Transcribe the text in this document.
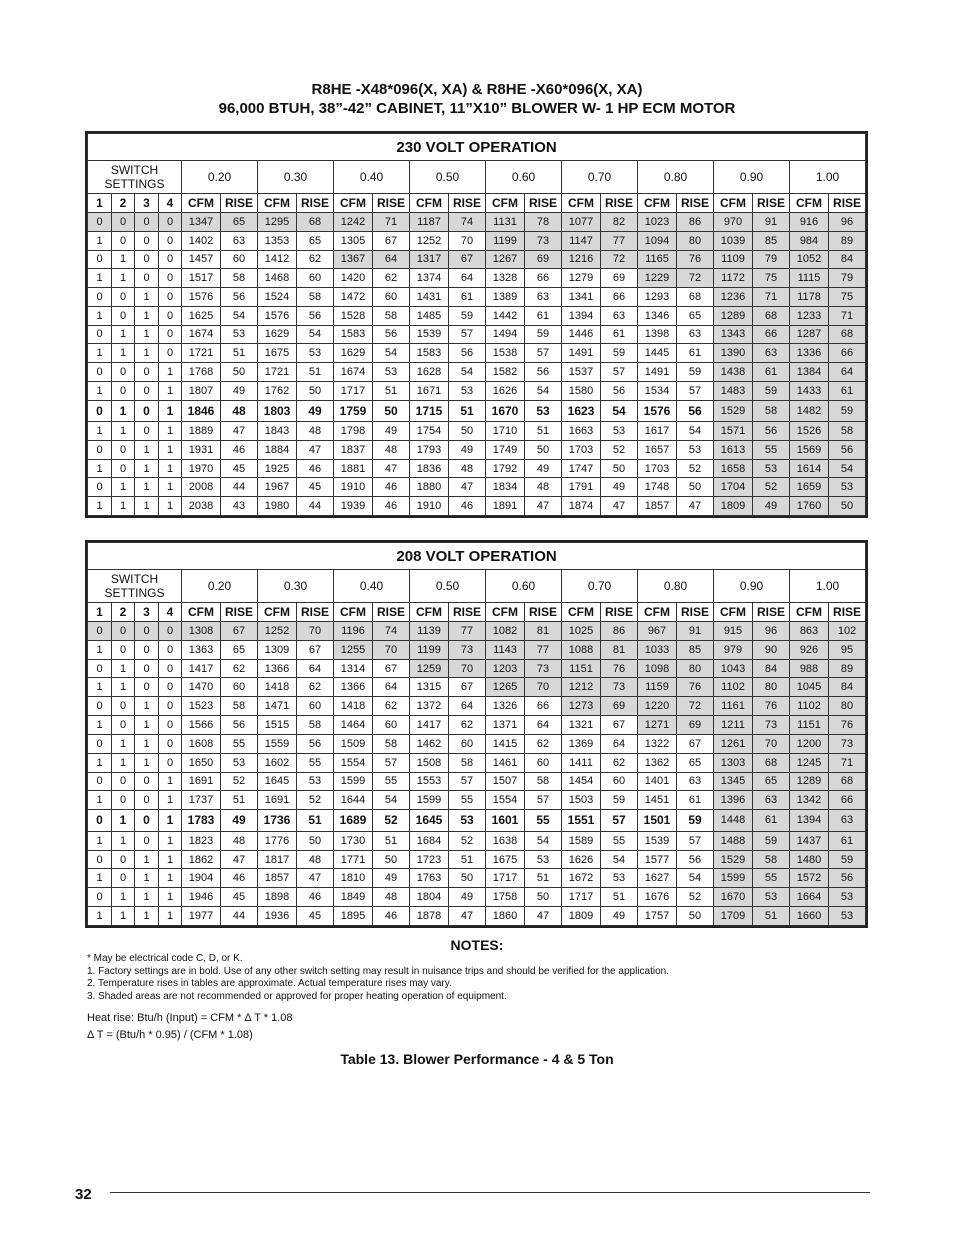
R8HE -X48*096(X, XA) & R8HE -X60*096(X, XA)
96,000 BTUH, 38”-42” CABINET, 11”X10” BLOWER W- 1 HP ECM MOTOR
230 VOLT OPERATION																					
SWITCH
SETTINGS				0.20		0.30		0.40		0.50		0.60		0.70		0.80		0.90		1.00	
1	2	3	4	CFM	RISE	CFM	RISE	CFM	RISE	CFM	RISE	CFM	RISE	CFM	RISE	CFM	RISE	CFM	RISE	CFM	RISE
0	0	0	0	1347	65	1295	68	1242	71	1187	74	1131	78	1077	82	1023	86	970	91	916	96
1	0	0	0	1402	63	1353	65	1305	67	1252	70	1199	73	1147	77	1094	80	1039	85	984	89
0	1	0	0	1457	60	1412	62	1367	64	1317	67	1267	69	1216	72	1165	76	1109	79	1052	84
1	1	0	0	1517	58	1468	60	1420	62	1374	64	1328	66	1279	69	1229	72	1172	75	1115	79
0	0	1	0	1576	56	1524	58	1472	60	1431	61	1389	63	1341	66	1293	68	1236	71	1178	75
1	0	1	0	1625	54	1576	56	1528	58	1485	59	1442	61	1394	63	1346	65	1289	68	1233	71
0	1	1	0	1674	53	1629	54	1583	56	1539	57	1494	59	1446	61	1398	63	1343	66	1287	68
1	1	1	0	1721	51	1675	53	1629	54	1583	56	1538	57	1491	59	1445	61	1390	63	1336	66
0	0	0	1	1768	50	1721	51	1674	53	1628	54	1582	56	1537	57	1491	59	1438	61	1384	64
1	0	0	1	1807	49	1762	50	1717	51	1671	53	1626	54	1580	56	1534	57	1483	59	1433	61
0	1	0	1	1846	48	1803	49	1759	50	1715	51	1670	53	1623	54	1576	56	1529	58	1482	59
1	1	0	1	1889	47	1843	48	1798	49	1754	50	1710	51	1663	53	1617	54	1571	56	1526	58
0	0	1	1	1931	46	1884	47	1837	48	1793	49	1749	50	1703	52	1657	53	1613	55	1569	56
1	0	1	1	1970	45	1925	46	1881	47	1836	48	1792	49	1747	50	1703	52	1658	53	1614	54
0	1	1	1	2008	44	1967	45	1910	46	1880	47	1834	48	1791	49	1748	50	1704	52	1659	53
1	1	1	1	2038	43	1980	44	1939	46	1910	46	1891	47	1874	47	1857	47	1809	49	1760	50
208 VOLT OPERATION																					
SWITCH
SETTINGS				0.20		0.30		0.40		0.50		0.60		0.70		0.80		0.90		1.00	
1	2	3	4	CFM	RISE	CFM	RISE	CFM	RISE	CFM	RISE	CFM	RISE	CFM	RISE	CFM	RISE	CFM	RISE	CFM	RISE
0	0	0	0	1308	67	1252	70	1196	74	1139	77	1082	81	1025	86	967	91	915	96	863	102
1	0	0	0	1363	65	1309	67	1255	70	1199	73	1143	77	1088	81	1033	85	979	90	926	95
0	1	0	0	1417	62	1366	64	1314	67	1259	70	1203	73	1151	76	1098	80	1043	84	988	89
1	1	0	0	1470	60	1418	62	1366	64	1315	67	1265	70	1212	73	1159	76	1102	80	1045	84
0	0	1	0	1523	58	1471	60	1418	62	1372	64	1326	66	1273	69	1220	72	1161	76	1102	80
1	0	1	0	1566	56	1515	58	1464	60	1417	62	1371	64	1321	67	1271	69	1211	73	1151	76
0	1	1	0	1608	55	1559	56	1509	58	1462	60	1415	62	1369	64	1322	67	1261	70	1200	73
1	1	1	0	1650	53	1602	55	1554	57	1508	58	1461	60	1411	62	1362	65	1303	68	1245	71
0	0	0	1	1691	52	1645	53	1599	55	1553	57	1507	58	1454	60	1401	63	1345	65	1289	68
1	0	0	1	1737	51	1691	52	1644	54	1599	55	1554	57	1503	59	1451	61	1396	63	1342	66
0	1	0	1	1783	49	1736	51	1689	52	1645	53	1601	55	1551	57	1501	59	1448	61	1394	63
1	1	0	1	1823	48	1776	50	1730	51	1684	52	1638	54	1589	55	1539	57	1488	59	1437	61
0	0	1	1	1862	47	1817	48	1771	50	1723	51	1675	53	1626	54	1577	56	1529	58	1480	59
1	0	1	1	1904	46	1857	47	1810	49	1763	50	1717	51	1672	53	1627	54	1599	55	1572	56
0	1	1	1	1946	45	1898	46	1849	48	1804	49	1758	50	1717	51	1676	52	1670	53	1664	53
1	1	1	1	1977	44	1936	45	1895	46	1878	47	1860	47	1809	49	1757	50	1709	51	1660	53
NOTES:
* May be electrical code C, D, or K.
1. Factory settings are in bold. Use of any other switch setting may result in nuisance trips and should be verified for the application.
2. Temperature rises in tables are approximate. Actual temperature rises may vary.
3. Shaded areas are not recommended or approved for proper heating operation of equipment.
Heat rise: Btu/h (Input) = CFM * Δ T * 1.08
Δ T = (Btu/h * 0.95) / (CFM * 1.08)
Table 13. Blower Performance - 4 & 5 Ton
32
